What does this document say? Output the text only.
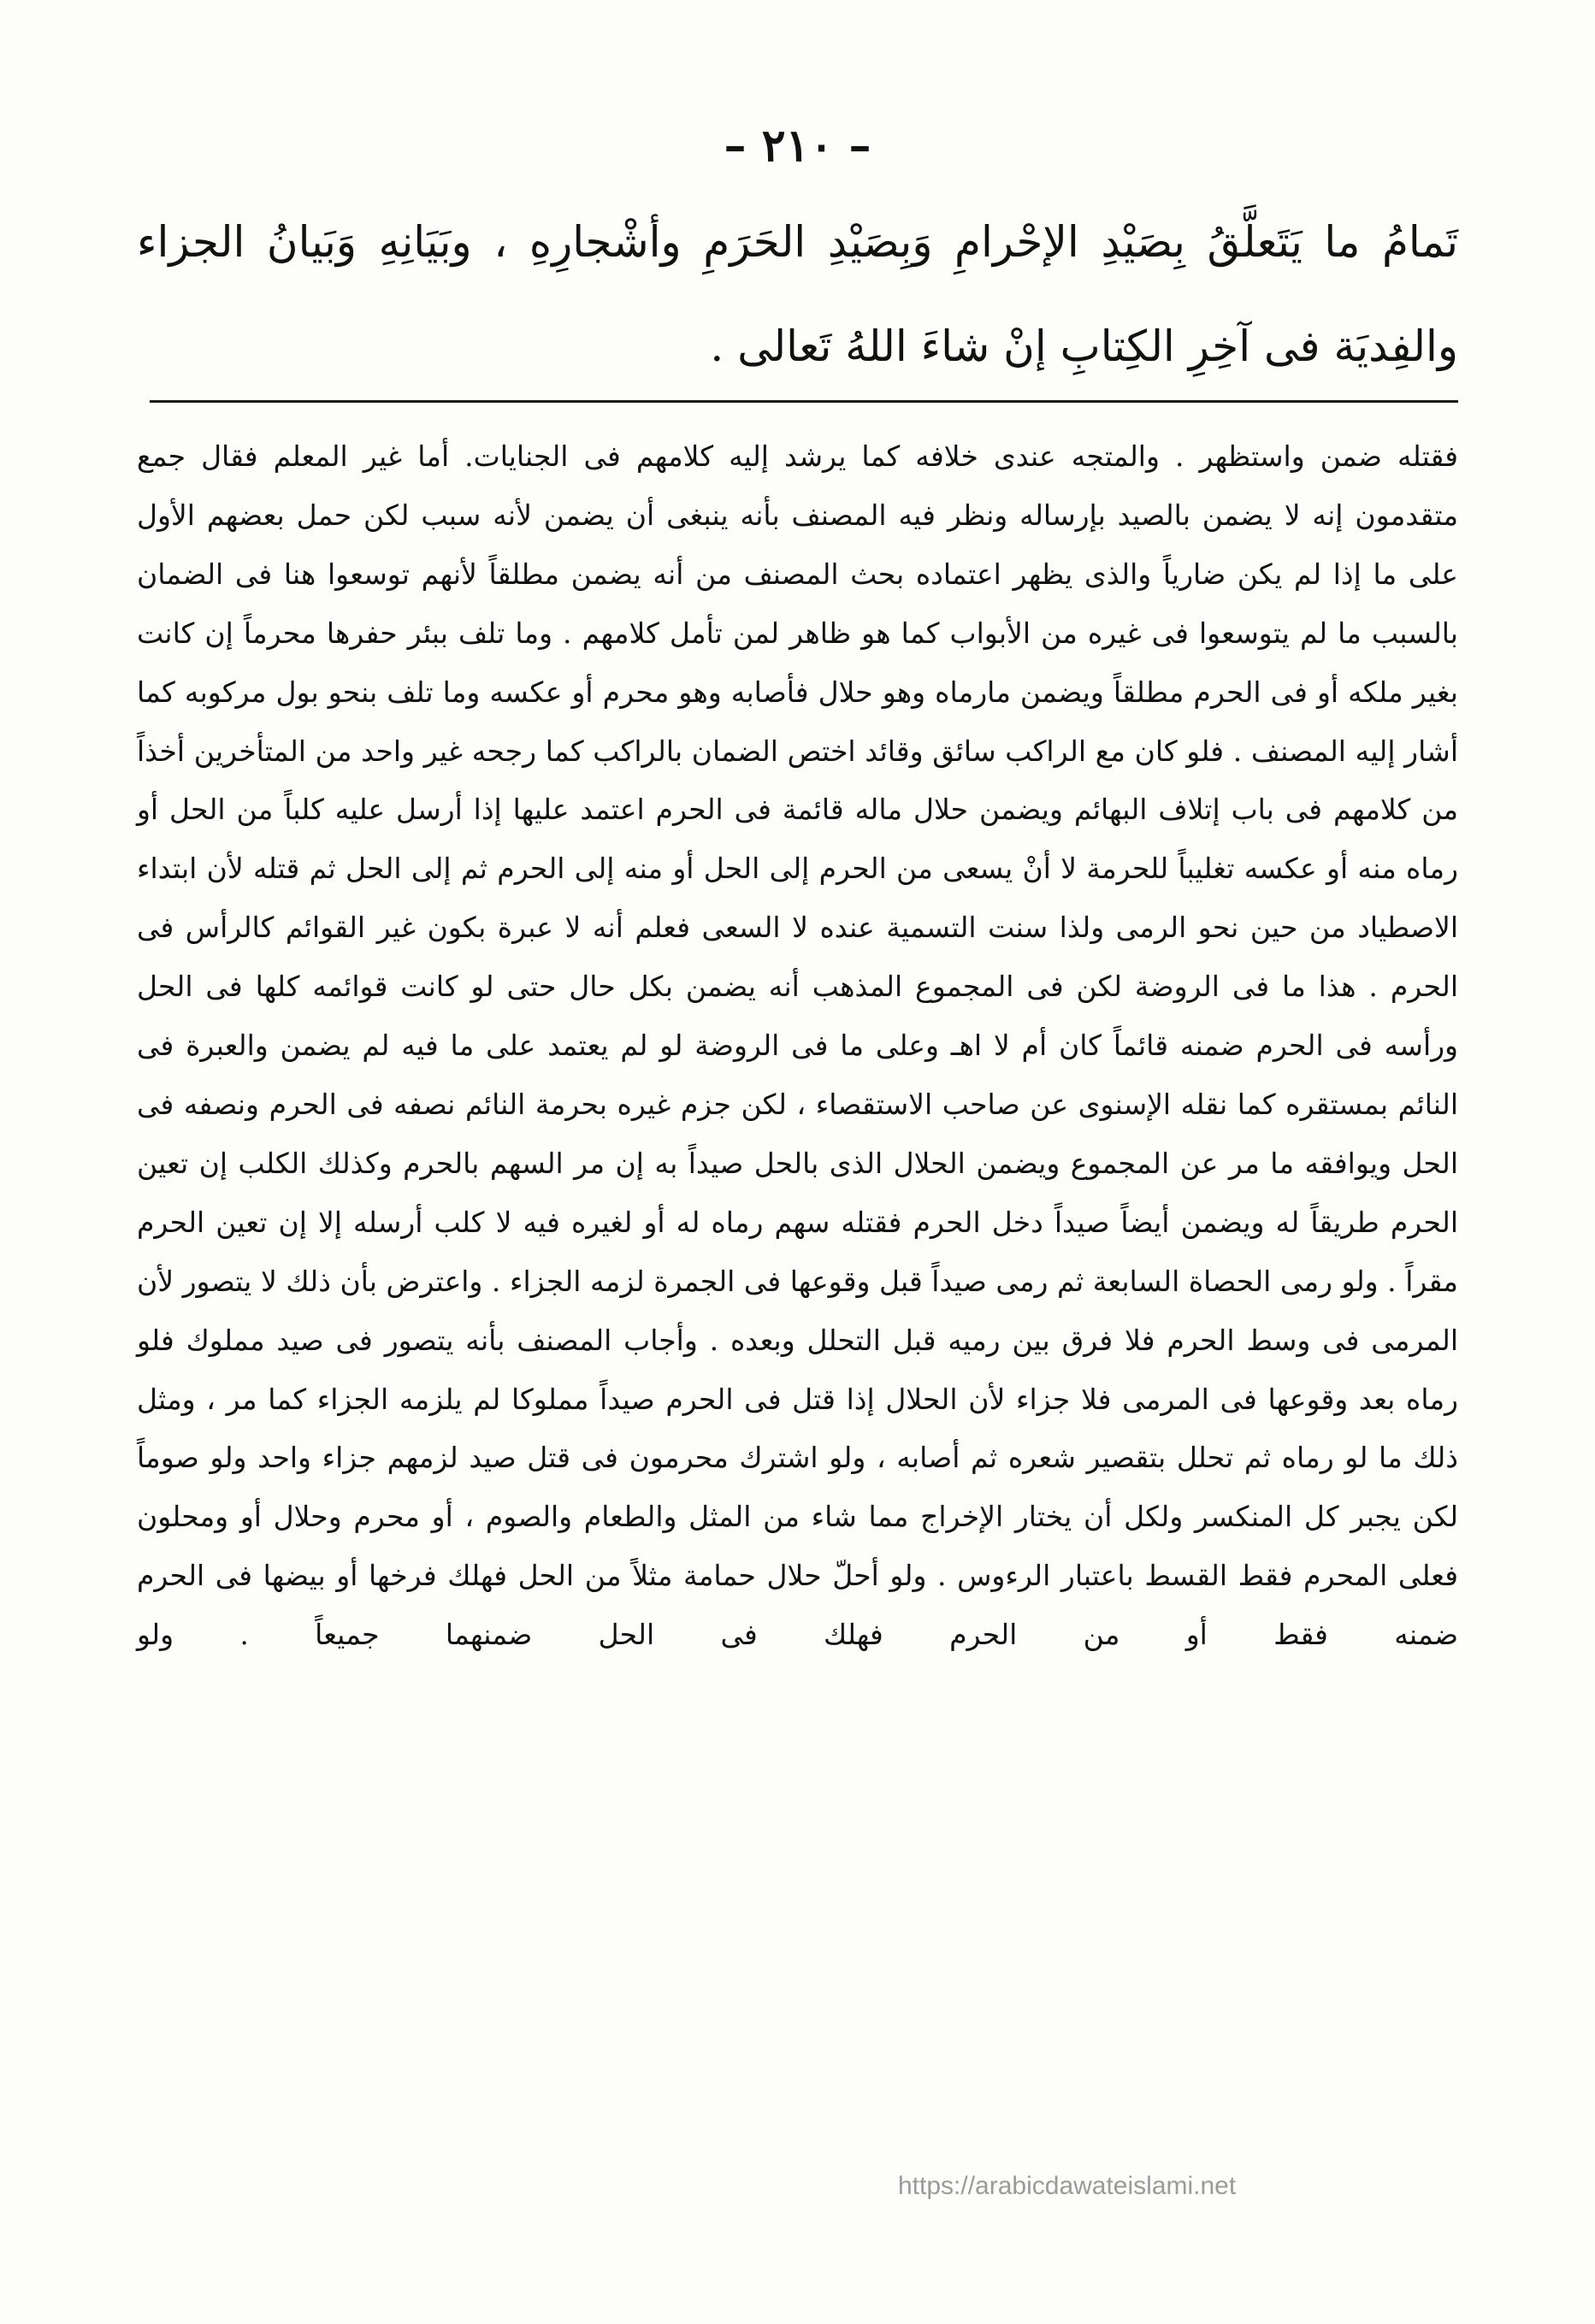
– ٢١٠ –

تَمامُ ما يَتَعلَّقُ بِصَيْدِ الإحْرامِ وَبِصَيْدِ الحَرَمِ وأشْجارِهِ ، وبَيَانِهِ وَبَيانُ الجزاء والفِديَة فى آخِرِ الكِتابِ إنْ شاءَ اللهُ تَعالى .

فقتله ضمن واستظهر . والمتجه عندى خلافه كما يرشد إليه كلامهم فى الجنايات. أما غير المعلم فقال جمع متقدمون إنه لا يضمن بالصيد بإرساله ونظر فيه المصنف بأنه ينبغى أن يضمن لأنه سبب لكن حمل بعضهم الأول على ما إذا لم يكن ضارياً والذى يظهر اعتماده بحث المصنف من أنه يضمن مطلقاً لأنهم توسعوا هنا فى الضمان بالسبب ما لم يتوسعوا فى غيره من الأبواب كما هو ظاهر لمن تأمل كلامهم . وما تلف ببئر حفرها محرماً إن كانت بغير ملكه أو فى الحرم مطلقاً ويضمن مارماه وهو حلال فأصابه وهو محرم أو عكسه وما تلف بنحو بول مركوبه كما أشار إليه المصنف . فلو كان مع الراكب سائق وقائد اختص الضمان بالراكب كما رجحه غير واحد من المتأخرين أخذاً من كلامهم فى باب إتلاف البهائم ويضمن حلال ماله قائمة فى الحرم اعتمد عليها إذا أرسل عليه كلباً من الحل أو رماه منه أو عكسه تغليباً للحرمة لا أنْ يسعى من الحرم إلى الحل أو منه إلى الحرم ثم إلى الحل ثم قتله لأن ابتداء الاصطياد من حين نحو الرمى ولذا سنت التسمية عنده لا السعى فعلم أنه لا عبرة بكون غير القوائم كالرأس فى الحرم . هذا ما فى الروضة لكن فى المجموع المذهب أنه يضمن بكل حال حتى لو كانت قوائمه كلها فى الحل ورأسه فى الحرم ضمنه قائماً كان أم لا اهـ وعلى ما فى الروضة لو لم يعتمد على ما فيه لم يضمن والعبرة فى النائم بمستقره كما نقله الإسنوى عن صاحب الاستقصاء ، لكن جزم غيره بحرمة النائم نصفه فى الحرم ونصفه فى الحل ويوافقه ما مر عن المجموع ويضمن الحلال الذى بالحل صيداً به إن مر السهم بالحرم وكذلك الكلب إن تعين الحرم طريقاً له ويضمن أيضاً صيداً دخل الحرم فقتله سهم رماه له أو لغيره فيه لا كلب أرسله إلا إن تعين الحرم مقراً . ولو رمى الحصاة السابعة ثم رمى صيداً قبل وقوعها فى الجمرة لزمه الجزاء . واعترض بأن ذلك لا يتصور لأن المرمى فى وسط الحرم فلا فرق بين رميه قبل التحلل وبعده . وأجاب المصنف بأنه يتصور فى صيد مملوك فلو رماه بعد وقوعها فى المرمى فلا جزاء لأن الحلال إذا قتل فى الحرم صيداً مملوكا لم يلزمه الجزاء كما مر ، ومثل ذلك ما لو رماه ثم تحلل بتقصير شعره ثم أصابه ، ولو اشترك محرمون فى قتل صيد لزمهم جزاء واحد ولو صوماً لكن يجبر كل المنكسر ولكل أن يختار الإخراج مما شاء من المثل والطعام والصوم ، أو محرم وحلال أو ومحلون فعلى المحرم فقط القسط باعتبار الرءوس . ولو أحلّ حلال حمامة مثلاً من الحل فهلك فرخها أو بيضها فى الحرم ضمنه فقط أو من الحرم فهلك فى الحل ضمنهما جميعاً . ولو

https://arabicdawateislami.net
